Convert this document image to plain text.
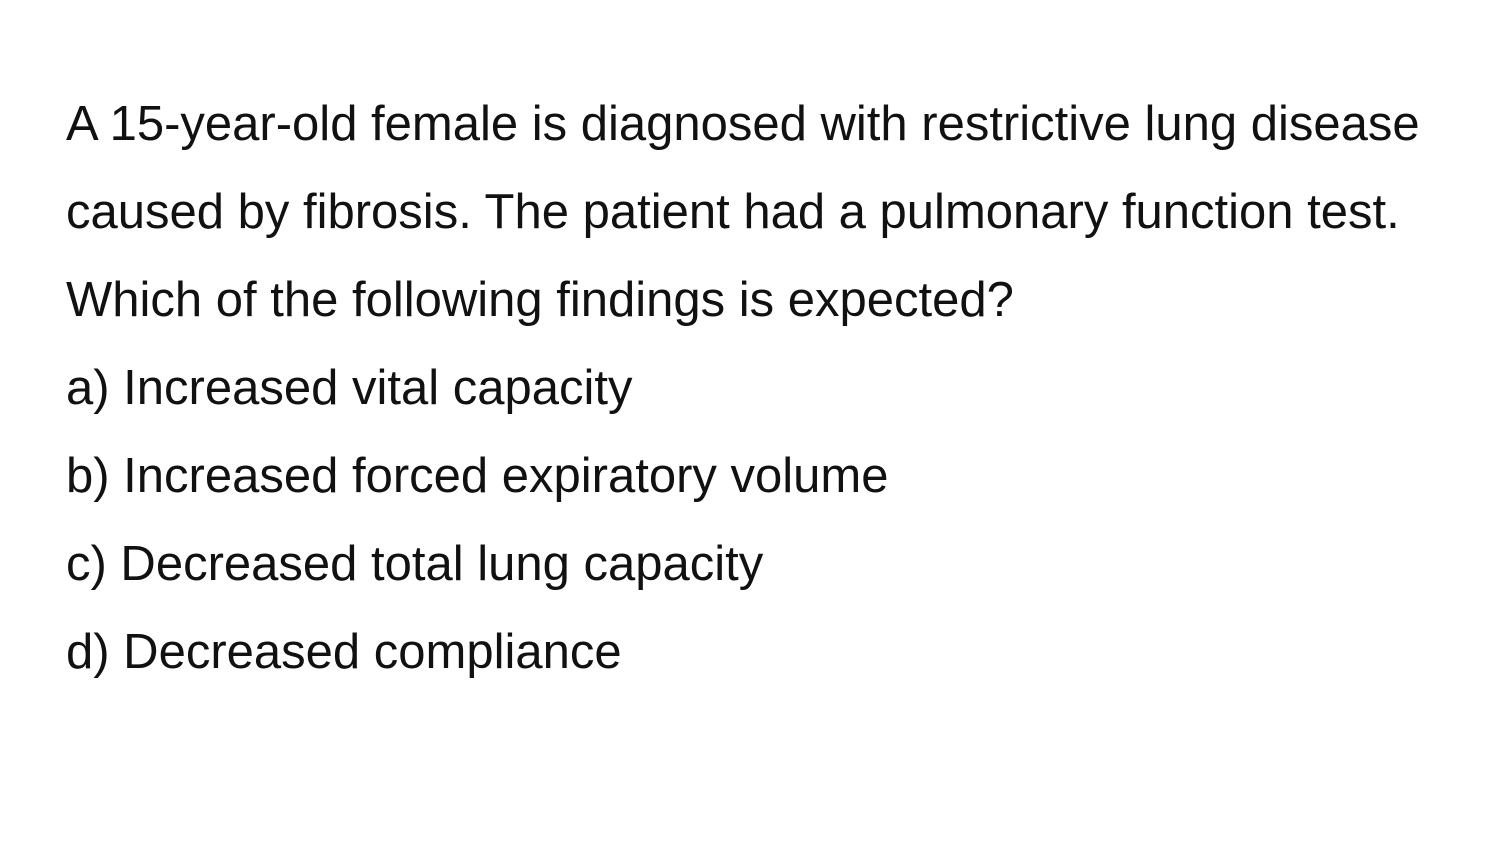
A 15-year-old female is diagnosed with restrictive lung disease caused by fibrosis. The patient had a pulmonary function test. Which of the following findings is expected?

a) Increased vital capacity
b) Increased forced expiratory volume
c) Decreased total lung capacity
d) Decreased compliance
